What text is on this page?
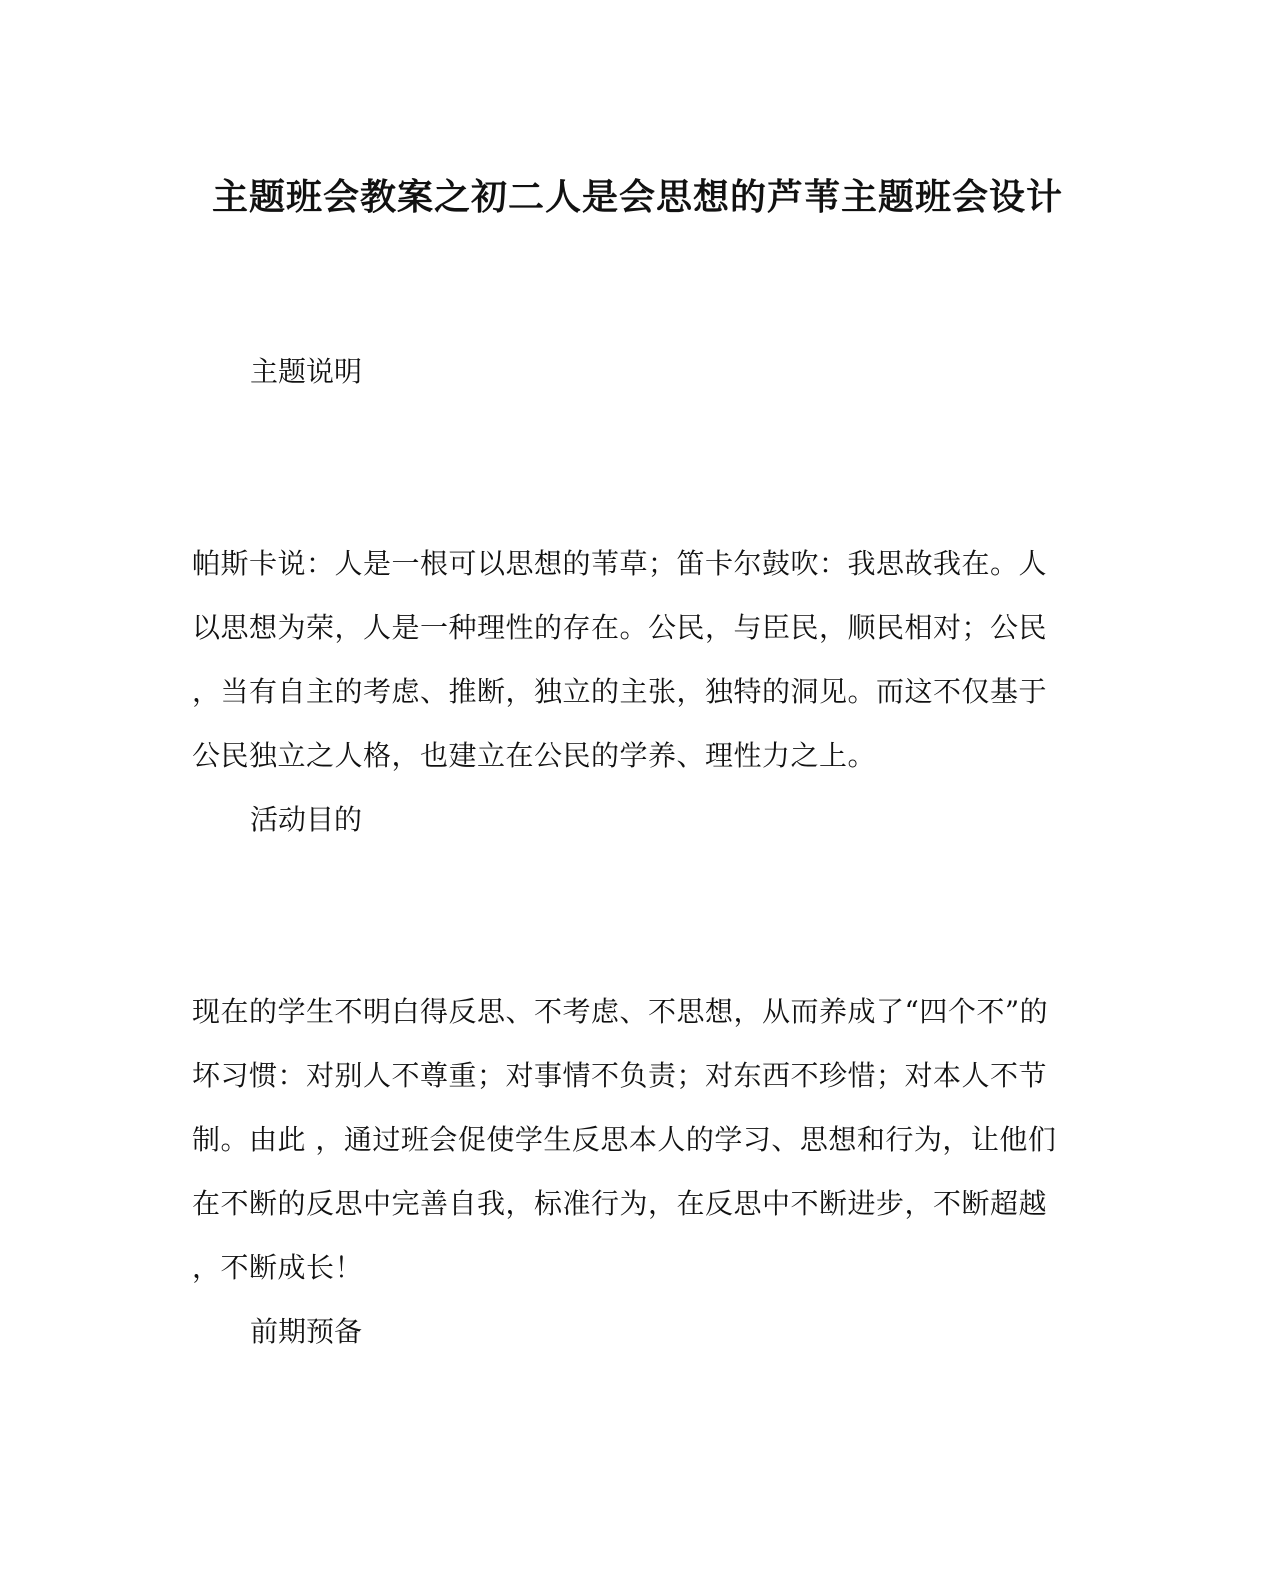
主题班会教案之初二人是会思想的芦苇主题班会设计
主题说明
帕斯卡说：人是一根可以思想的苇草；笛卡尔鼓吹：我思故我在。人
以思想为荣，人是一种理性的存在。公民，与臣民，顺民相对；公民
，当有自主的考虑、推断，独立的主张，独特的洞见。而这不仅基于
公民独立之人格，也建立在公民的学养、理性力之上。
活动目的
现在的学生不明白得反思、不考虑、不思想，从而养成了“四个不”的
坏习惯：对别人不尊重；对事情不负责；对东西不珍惜；对本人不节
制。由此 ，通过班会促使学生反思本人的学习、思想和行为，让他们
在不断的反思中完善自我，标准行为，在反思中不断进步，不断超越
，不断成长！
前期预备
